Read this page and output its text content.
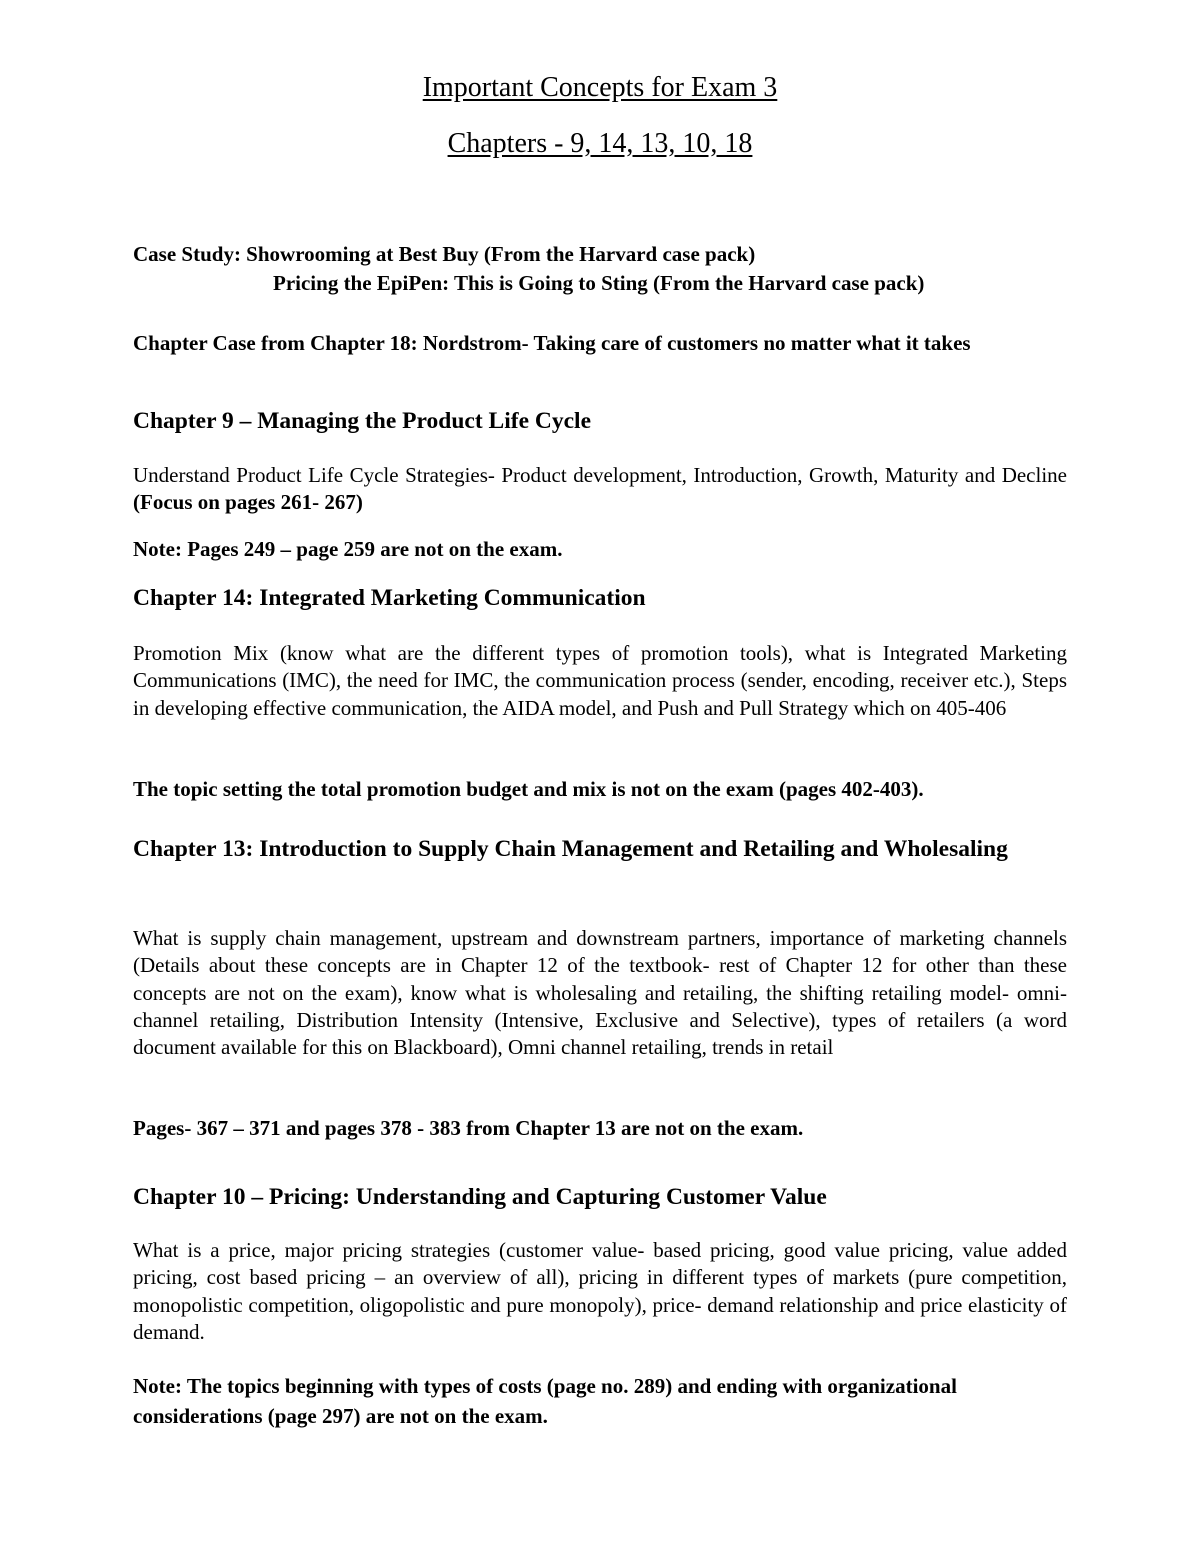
Important Concepts for Exam 3
Chapters - 9, 14, 13, 10, 18
Case Study: Showrooming at Best Buy (From the Harvard case pack)
Pricing the EpiPen: This is Going to Sting (From the Harvard case pack)
Chapter Case from Chapter 18: Nordstrom- Taking care of customers no matter what it takes
Chapter 9 – Managing the Product Life Cycle
Understand Product Life Cycle Strategies- Product development, Introduction, Growth, Maturity and Decline (Focus on pages 261- 267)
Note: Pages 249 – page 259 are not on the exam.
Chapter 14: Integrated Marketing Communication
Promotion Mix (know what are the different types of promotion tools), what is Integrated Marketing Communications (IMC), the need for IMC, the communication process (sender, encoding, receiver etc.), Steps in developing effective communication, the AIDA model, and Push and Pull Strategy which on 405-406
The topic setting the total promotion budget and mix is not on the exam (pages 402-403).
Chapter 13: Introduction to Supply Chain Management and Retailing and Wholesaling
What is supply chain management, upstream and downstream partners, importance of marketing channels (Details about these concepts are in Chapter 12 of the textbook- rest of Chapter 12 for other than these concepts are not on the exam), know what is wholesaling and retailing, the shifting retailing model- omni-channel retailing, Distribution Intensity (Intensive, Exclusive and Selective), types of retailers (a word document available for this on Blackboard), Omni channel retailing, trends in retail
Pages- 367 – 371 and pages 378 - 383 from Chapter 13 are not on the exam.
Chapter 10 – Pricing: Understanding and Capturing Customer Value
What is a price, major pricing strategies (customer value- based pricing, good value pricing, value added pricing, cost based pricing – an overview of all), pricing in different types of markets (pure competition, monopolistic competition, oligopolistic and pure monopoly), price- demand relationship and price elasticity of demand.
Note: The topics beginning with types of costs (page no. 289) and ending with organizational considerations (page 297) are not on the exam.
